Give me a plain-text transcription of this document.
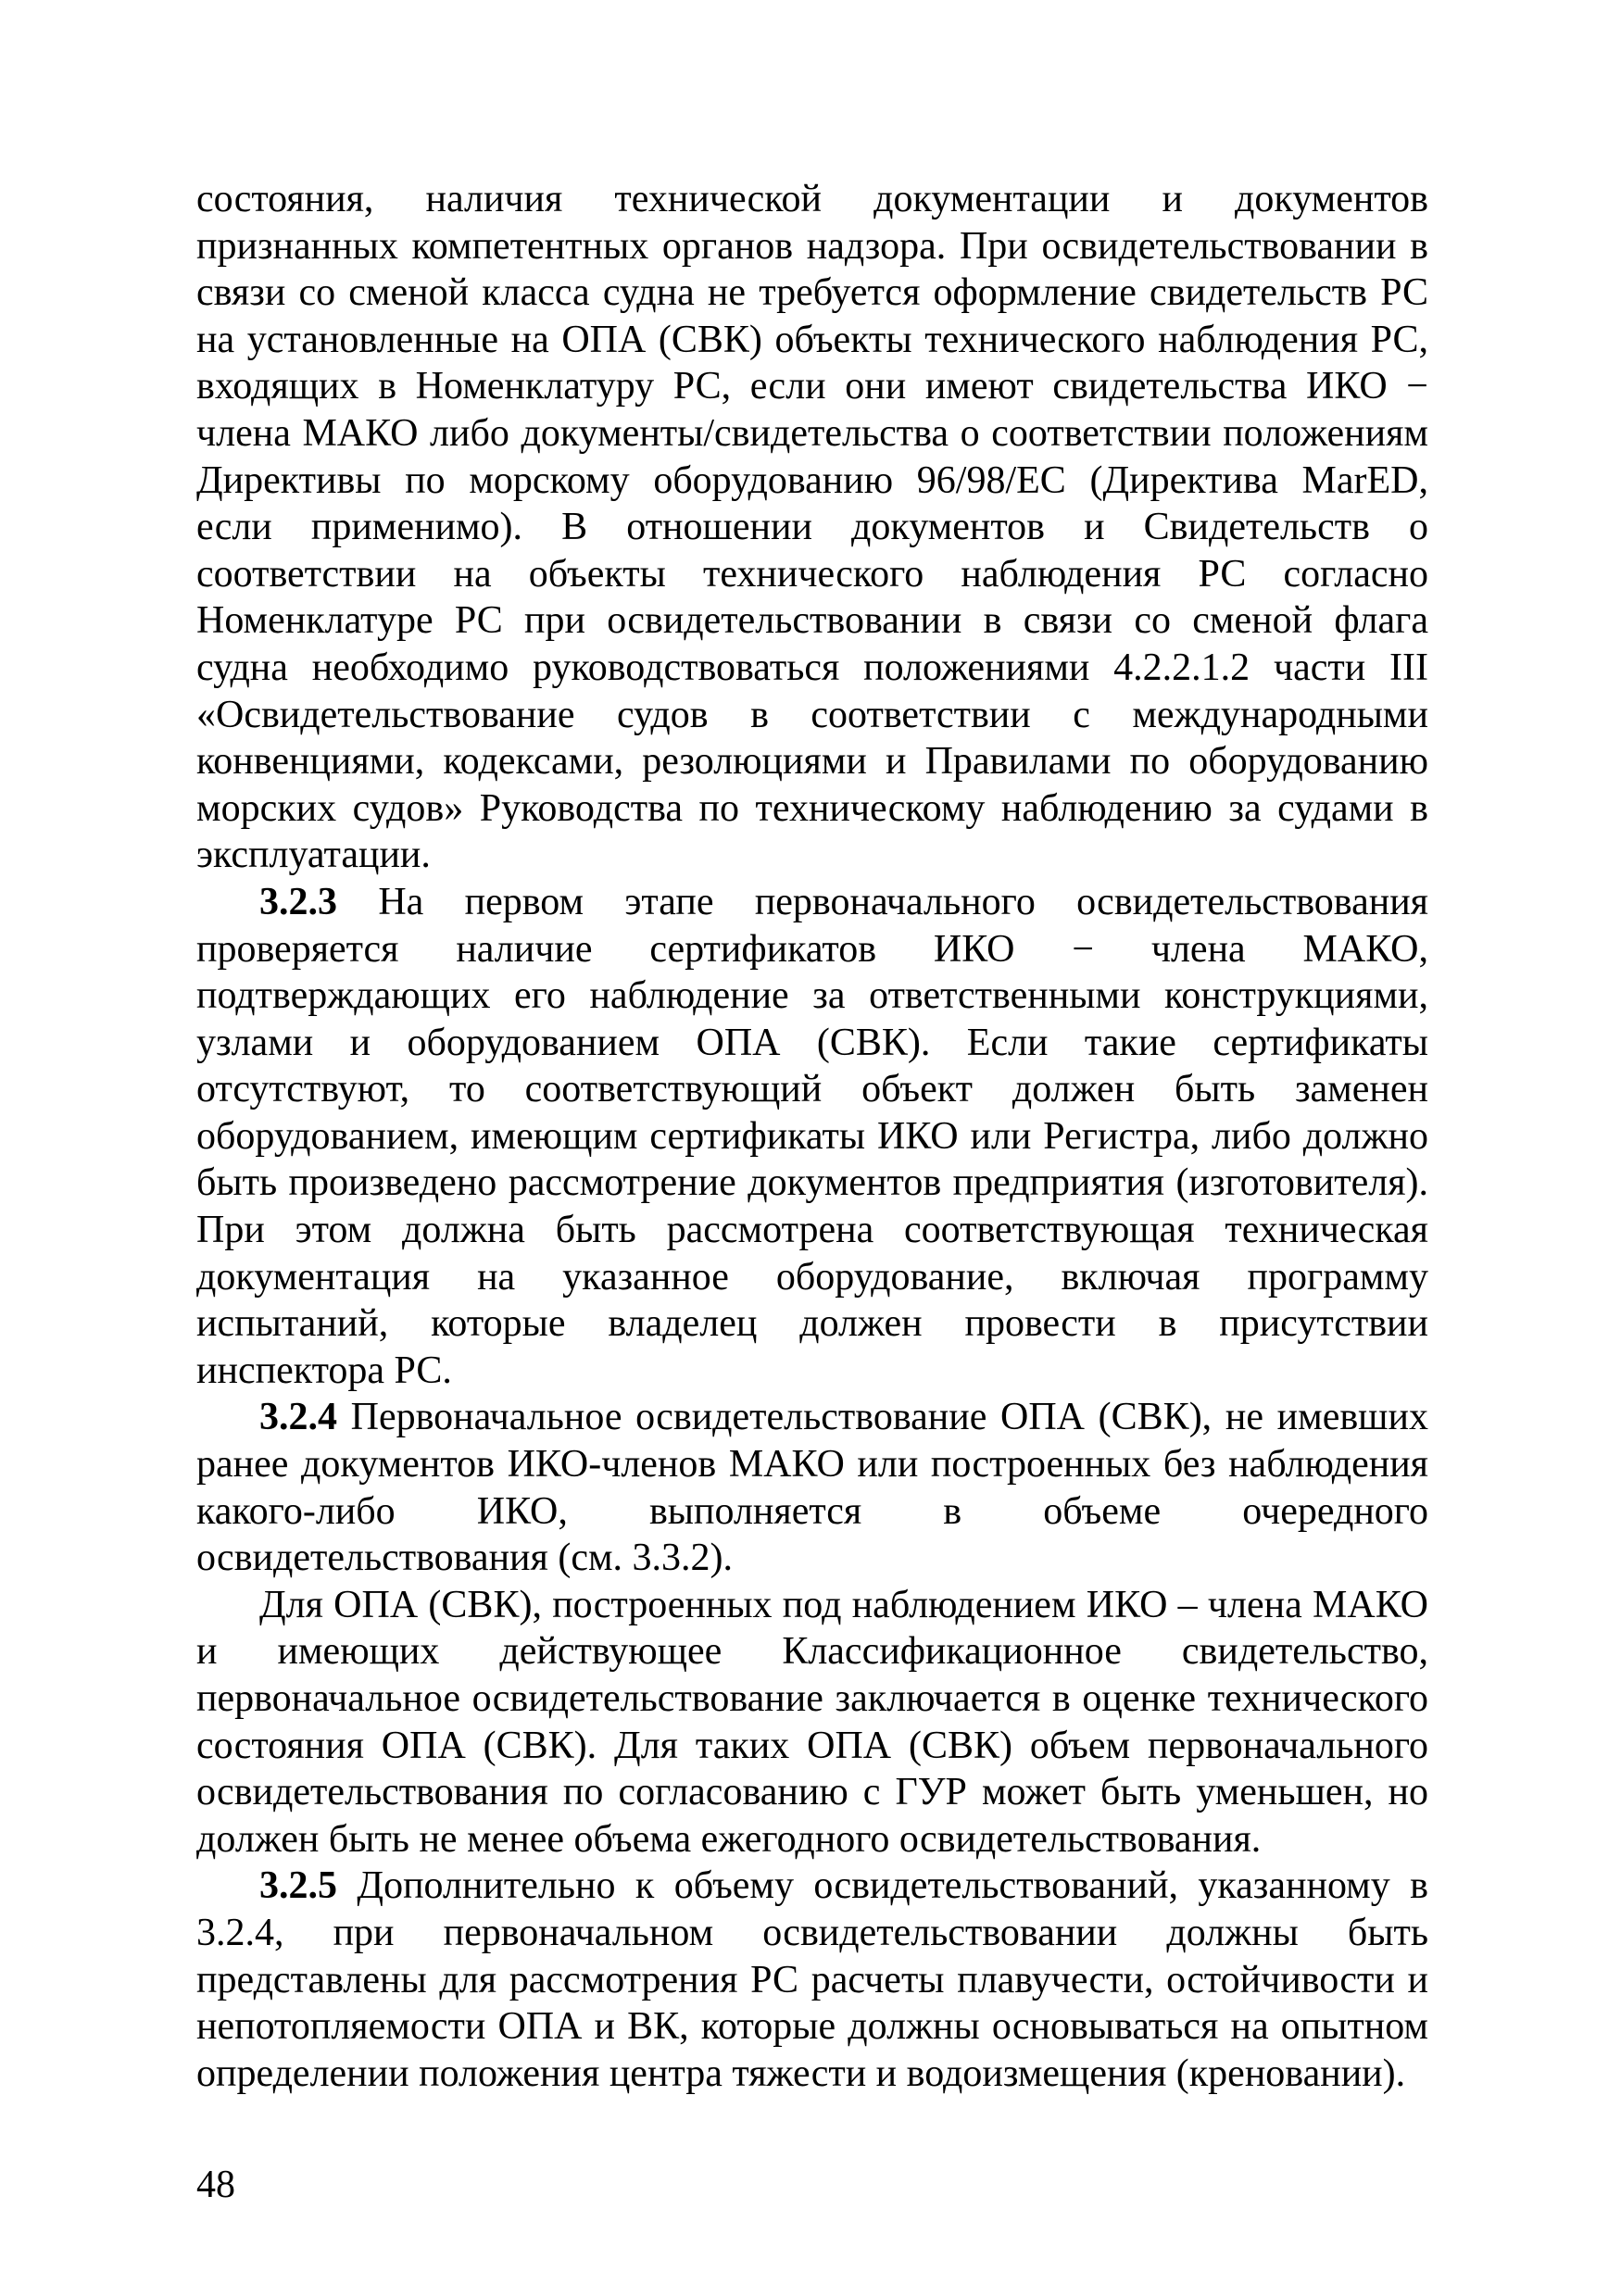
состояния, наличия технической документации и документов признанных компетентных органов надзора. При освидетельствовании в связи со сменой класса судна не требуется оформление свидетельств РС на установленные на ОПА (СВК) объекты технического наблюдения РС, входящих в Номенклатуру РС, если они имеют свидетельства ИКО − члена МАКО либо документы/свидетельства о соответствии положениям Директивы по морскому оборудованию 96/98/ЕС (Директива MarED, если применимо). В отношении документов и Свидетельств о соответствии на объекты технического наблюдения РС согласно Номенклатуре РС при освидетельствовании в связи со сменой флага судна необходимо руководствоваться положениями 4.2.2.1.2 части III «Освидетельствование судов в соответствии с международными конвенциями, кодексами, резолюциями и Правилами по оборудованию морских судов» Руководства по техническому наблюдению за судами в эксплуатации.

3.2.3 На первом этапе первоначального освидетельствования проверяется наличие сертификатов ИКО − члена МАКО, подтверждающих его наблюдение за ответственными конструкциями, узлами и оборудованием ОПА (СВК). Если такие сертификаты отсутствуют, то соответствующий объект должен быть заменен оборудованием, имеющим сертификаты ИКО или Регистра, либо должно быть произведено рассмотрение документов предприятия (изготовителя). При этом должна быть рассмотрена соответствующая техническая документация на указанное оборудование, включая программу испытаний, которые владелец должен провести в присутствии инспектора РС.

3.2.4 Первоначальное освидетельствование ОПА (СВК), не имевших ранее документов ИКО-членов МАКО или построенных без наблюдения какого-либо ИКО, выполняется в объеме очередного освидетельствования (см. 3.3.2).

Для ОПА (СВК), построенных под наблюдением ИКО – члена МАКО и имеющих действующее Классификационное свидетельство, первоначальное освидетельствование заключается в оценке технического состояния ОПА (СВК). Для таких ОПА (СВК) объем первоначального освидетельствования по согласованию с ГУР может быть уменьшен, но должен быть не менее объема ежегодного освидетельствования.

3.2.5 Дополнительно к объему освидетельствований, указанному в 3.2.4, при первоначальном освидетельствовании должны быть представлены для рассмотрения РС расчеты плавучести, остойчивости и непотопляемости ОПА и ВК, которые должны основываться на опытном определении положения центра тяжести и водоизмещения (креновании).

48
